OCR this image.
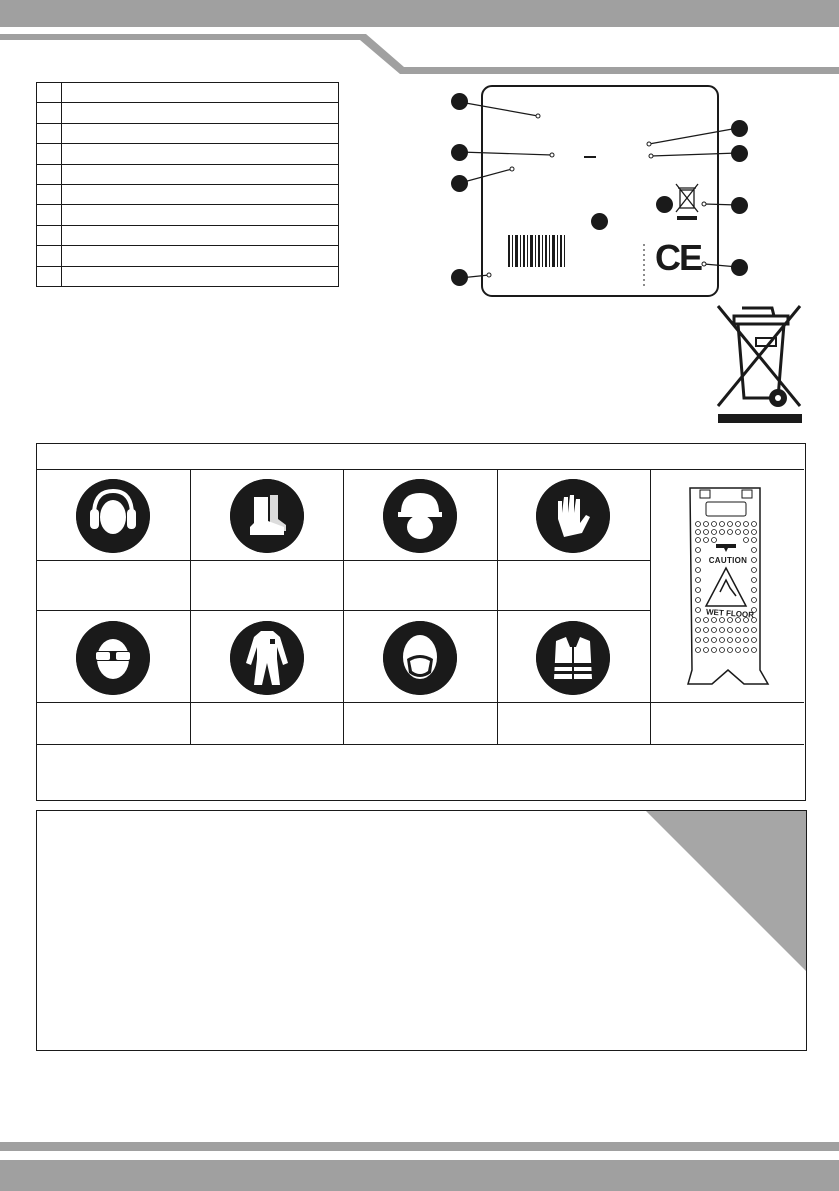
CE
CAUTION
WET FLOOR
